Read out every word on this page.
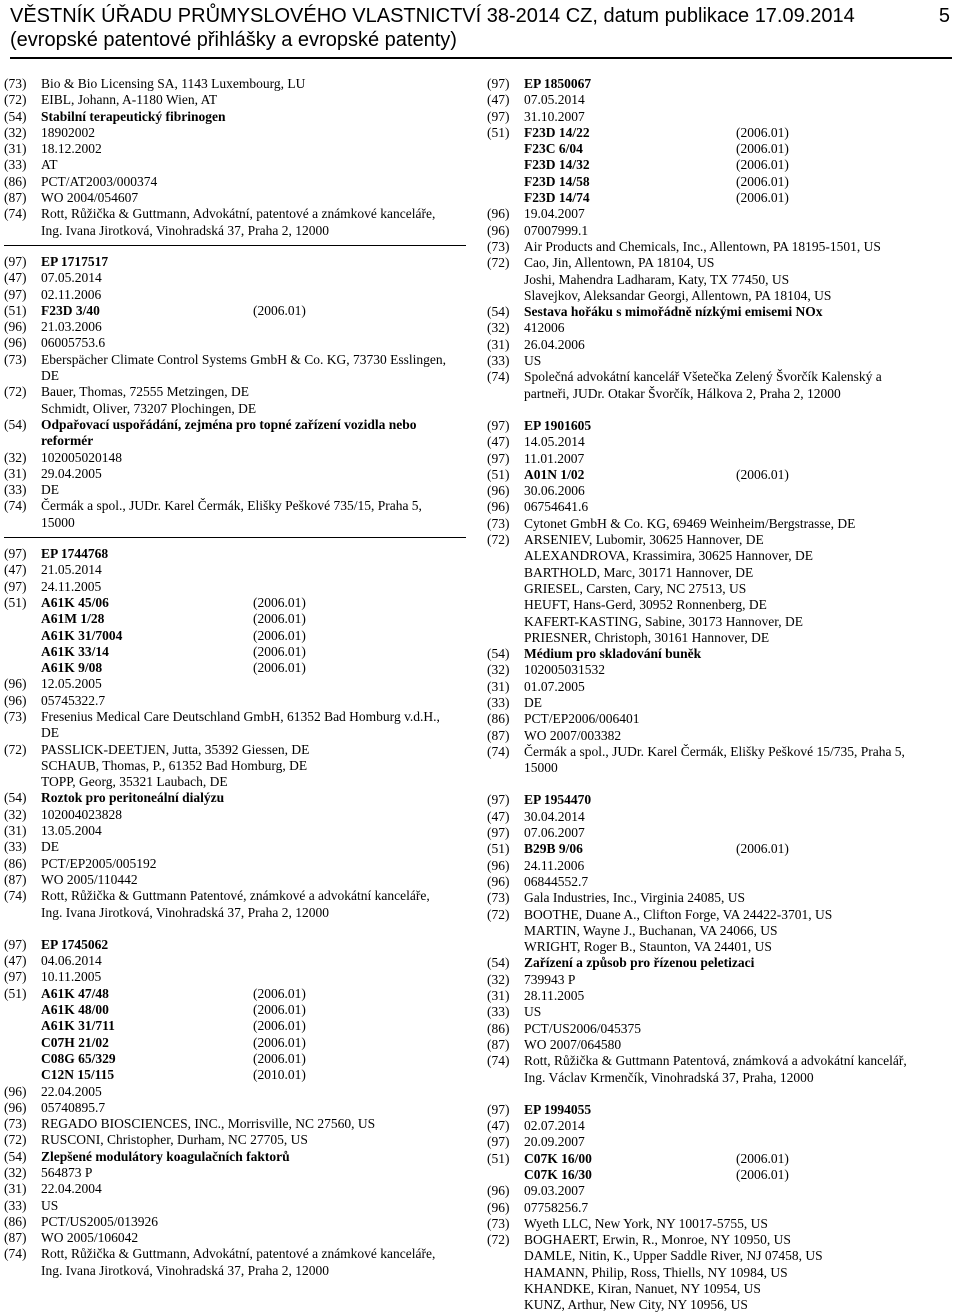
VĚSTNÍK ÚŘADU PRŮMYSLOVÉHO VLASTNICTVÍ 38-2014 CZ, datum publikace 17.09.2014
(evropské patentové přihlášky a evropské patenty)
5
(73)	Bio & Bio Licensing SA, 1143 Luxembourg, LU
(72)	EIBL, Johann, A-1180 Wien, AT
(54)	Stabilní terapeutický fibrinogen
(32)	18902002
(31)	18.12.2002
(33)	AT
(86)	PCT/AT2003/000374
(87)	WO 2004/054607
(74)	Rott, Růžička & Guttmann, Advokátní, patentové a známkové kanceláře,
Ing. Ivana Jirotková, Vinohradská 37, Praha 2, 12000
(97)	EP 1717517
(47)	07.05.2014
(97)	02.11.2006
(51)	F23D 3/40	(2006.01)
(96)	21.03.2006
(96)	06005753.6
(73)	Eberspächer Climate Control Systems GmbH & Co. KG, 73730 Esslingen,
DE
(72)	Bauer, Thomas, 72555 Metzingen, DE
Schmidt, Oliver, 73207 Plochingen, DE
(54)	Odpařovací uspořádání, zejména pro topné zařízení vozidla nebo
reformér
(32)	102005020148
(31)	29.04.2005
(33)	DE
(74)	Čermák a spol., JUDr. Karel Čermák, Elišky Peškové 735/15, Praha 5,
15000
(97)	EP 1744768
(47)	21.05.2014
(97)	24.11.2005
(51)	A61K 45/06	(2006.01)
A61M 1/28	(2006.01)
A61K 31/7004	(2006.01)
A61K 33/14	(2006.01)
A61K 9/08	(2006.01)
(96)	12.05.2005
(96)	05745322.7
(73)	Fresenius Medical Care Deutschland GmbH, 61352 Bad Homburg v.d.H.,
DE
(72)	PASSLICK-DEETJEN, Jutta, 35392 Giessen, DE
SCHAUB, Thomas, P., 61352 Bad Homburg, DE
TOPP, Georg, 35321 Laubach, DE
(54)	Roztok pro peritoneální dialýzu
(32)	102004023828
(31)	13.05.2004
(33)	DE
(86)	PCT/EP2005/005192
(87)	WO 2005/110442
(74)	Rott, Růžička & Guttmann Patentové, známkové a advokátní kanceláře,
Ing. Ivana Jirotková, Vinohradská 37, Praha 2, 12000
(97)	EP 1745062
(47)	04.06.2014
(97)	10.11.2005
(51)	A61K 47/48	(2006.01)
A61K 48/00	(2006.01)
A61K 31/711	(2006.01)
C07H 21/02	(2006.01)
C08G 65/329	(2006.01)
C12N 15/115	(2010.01)
(96)	22.04.2005
(96)	05740895.7
(73)	REGADO BIOSCIENCES, INC., Morrisville, NC 27560, US
(72)	RUSCONI, Christopher, Durham, NC 27705, US
(54)	Zlepšené modulátory koagulačních faktorů
(32)	564873 P
(31)	22.04.2004
(33)	US
(86)	PCT/US2005/013926
(87)	WO 2005/106042
(74)	Rott, Růžička & Guttmann, Advokátní, patentové a známkové kanceláře,
Ing. Ivana Jirotková, Vinohradská 37, Praha 2, 12000
(97)	EP 1850067
(47)	07.05.2014
(97)	31.10.2007
(51)	F23D 14/22	(2006.01)
F23C 6/04	(2006.01)
F23D 14/32	(2006.01)
F23D 14/58	(2006.01)
F23D 14/74	(2006.01)
(96)	19.04.2007
(96)	07007999.1
(73)	Air Products and Chemicals, Inc., Allentown, PA 18195-1501, US
(72)	Cao, Jin, Allentown, PA 18104, US
Joshi, Mahendra Ladharam, Katy, TX 77450, US
Slavejkov, Aleksandar Georgi, Allentown, PA 18104, US
(54)	Sestava hořáku s mimořádně nízkými emisemi NOx
(32)	412006
(31)	26.04.2006
(33)	US
(74)	Společná advokátní kancelář Všetečka Zelený Švorčík Kalenský a
partneři, JUDr. Otakar Švorčík, Hálkova 2, Praha 2, 12000
(97)	EP 1901605
(47)	14.05.2014
(97)	11.01.2007
(51)	A01N 1/02	(2006.01)
(96)	30.06.2006
(96)	06754641.6
(73)	Cytonet GmbH & Co. KG, 69469 Weinheim/Bergstrasse, DE
(72)	ARSENIEV, Lubomir, 30625 Hannover, DE
ALEXANDROVA, Krassimira, 30625 Hannover, DE
BARTHOLD, Marc, 30171 Hannover, DE
GRIESEL, Carsten, Cary, NC 27513, US
HEUFT, Hans-Gerd, 30952 Ronnenberg, DE
KAFERT-KASTING, Sabine, 30173 Hannover, DE
PRIESNER, Christoph, 30161 Hannover, DE
(54)	Médium pro skladování buněk
(32)	102005031532
(31)	01.07.2005
(33)	DE
(86)	PCT/EP2006/006401
(87)	WO 2007/003382
(74)	Čermák a spol., JUDr. Karel Čermák, Elišky Peškové 15/735, Praha 5,
15000
(97)	EP 1954470
(47)	30.04.2014
(97)	07.06.2007
(51)	B29B 9/06	(2006.01)
(96)	24.11.2006
(96)	06844552.7
(73)	Gala Industries, Inc., Virginia 24085, US
(72)	BOOTHE, Duane A., Clifton Forge, VA 24422-3701, US
MARTIN, Wayne J., Buchanan, VA 24066, US
WRIGHT, Roger B., Staunton, VA 24401, US
(54)	Zařízení a způsob pro řízenou peletizaci
(32)	739943 P
(31)	28.11.2005
(33)	US
(86)	PCT/US2006/045375
(87)	WO 2007/064580
(74)	Rott, Růžička & Guttmann Patentová, známková a advokátní kancelář,
Ing. Václav Krmenčík, Vinohradská 37, Praha, 12000
(97)	EP 1994055
(47)	02.07.2014
(97)	20.09.2007
(51)	C07K 16/00	(2006.01)
C07K 16/30	(2006.01)
(96)	09.03.2007
(96)	07758256.7
(73)	Wyeth LLC, New York, NY 10017-5755, US
(72)	BOGHAERT, Erwin, R., Monroe, NY 10950, US
DAMLE, Nitin, K., Upper Saddle River, NJ 07458, US
HAMANN, Philip, Ross, Thiells, NY 10984, US
KHANDKE, Kiran, Nanuet, NY 10954, US
KUNZ, Arthur, New City, NY 10956, US
